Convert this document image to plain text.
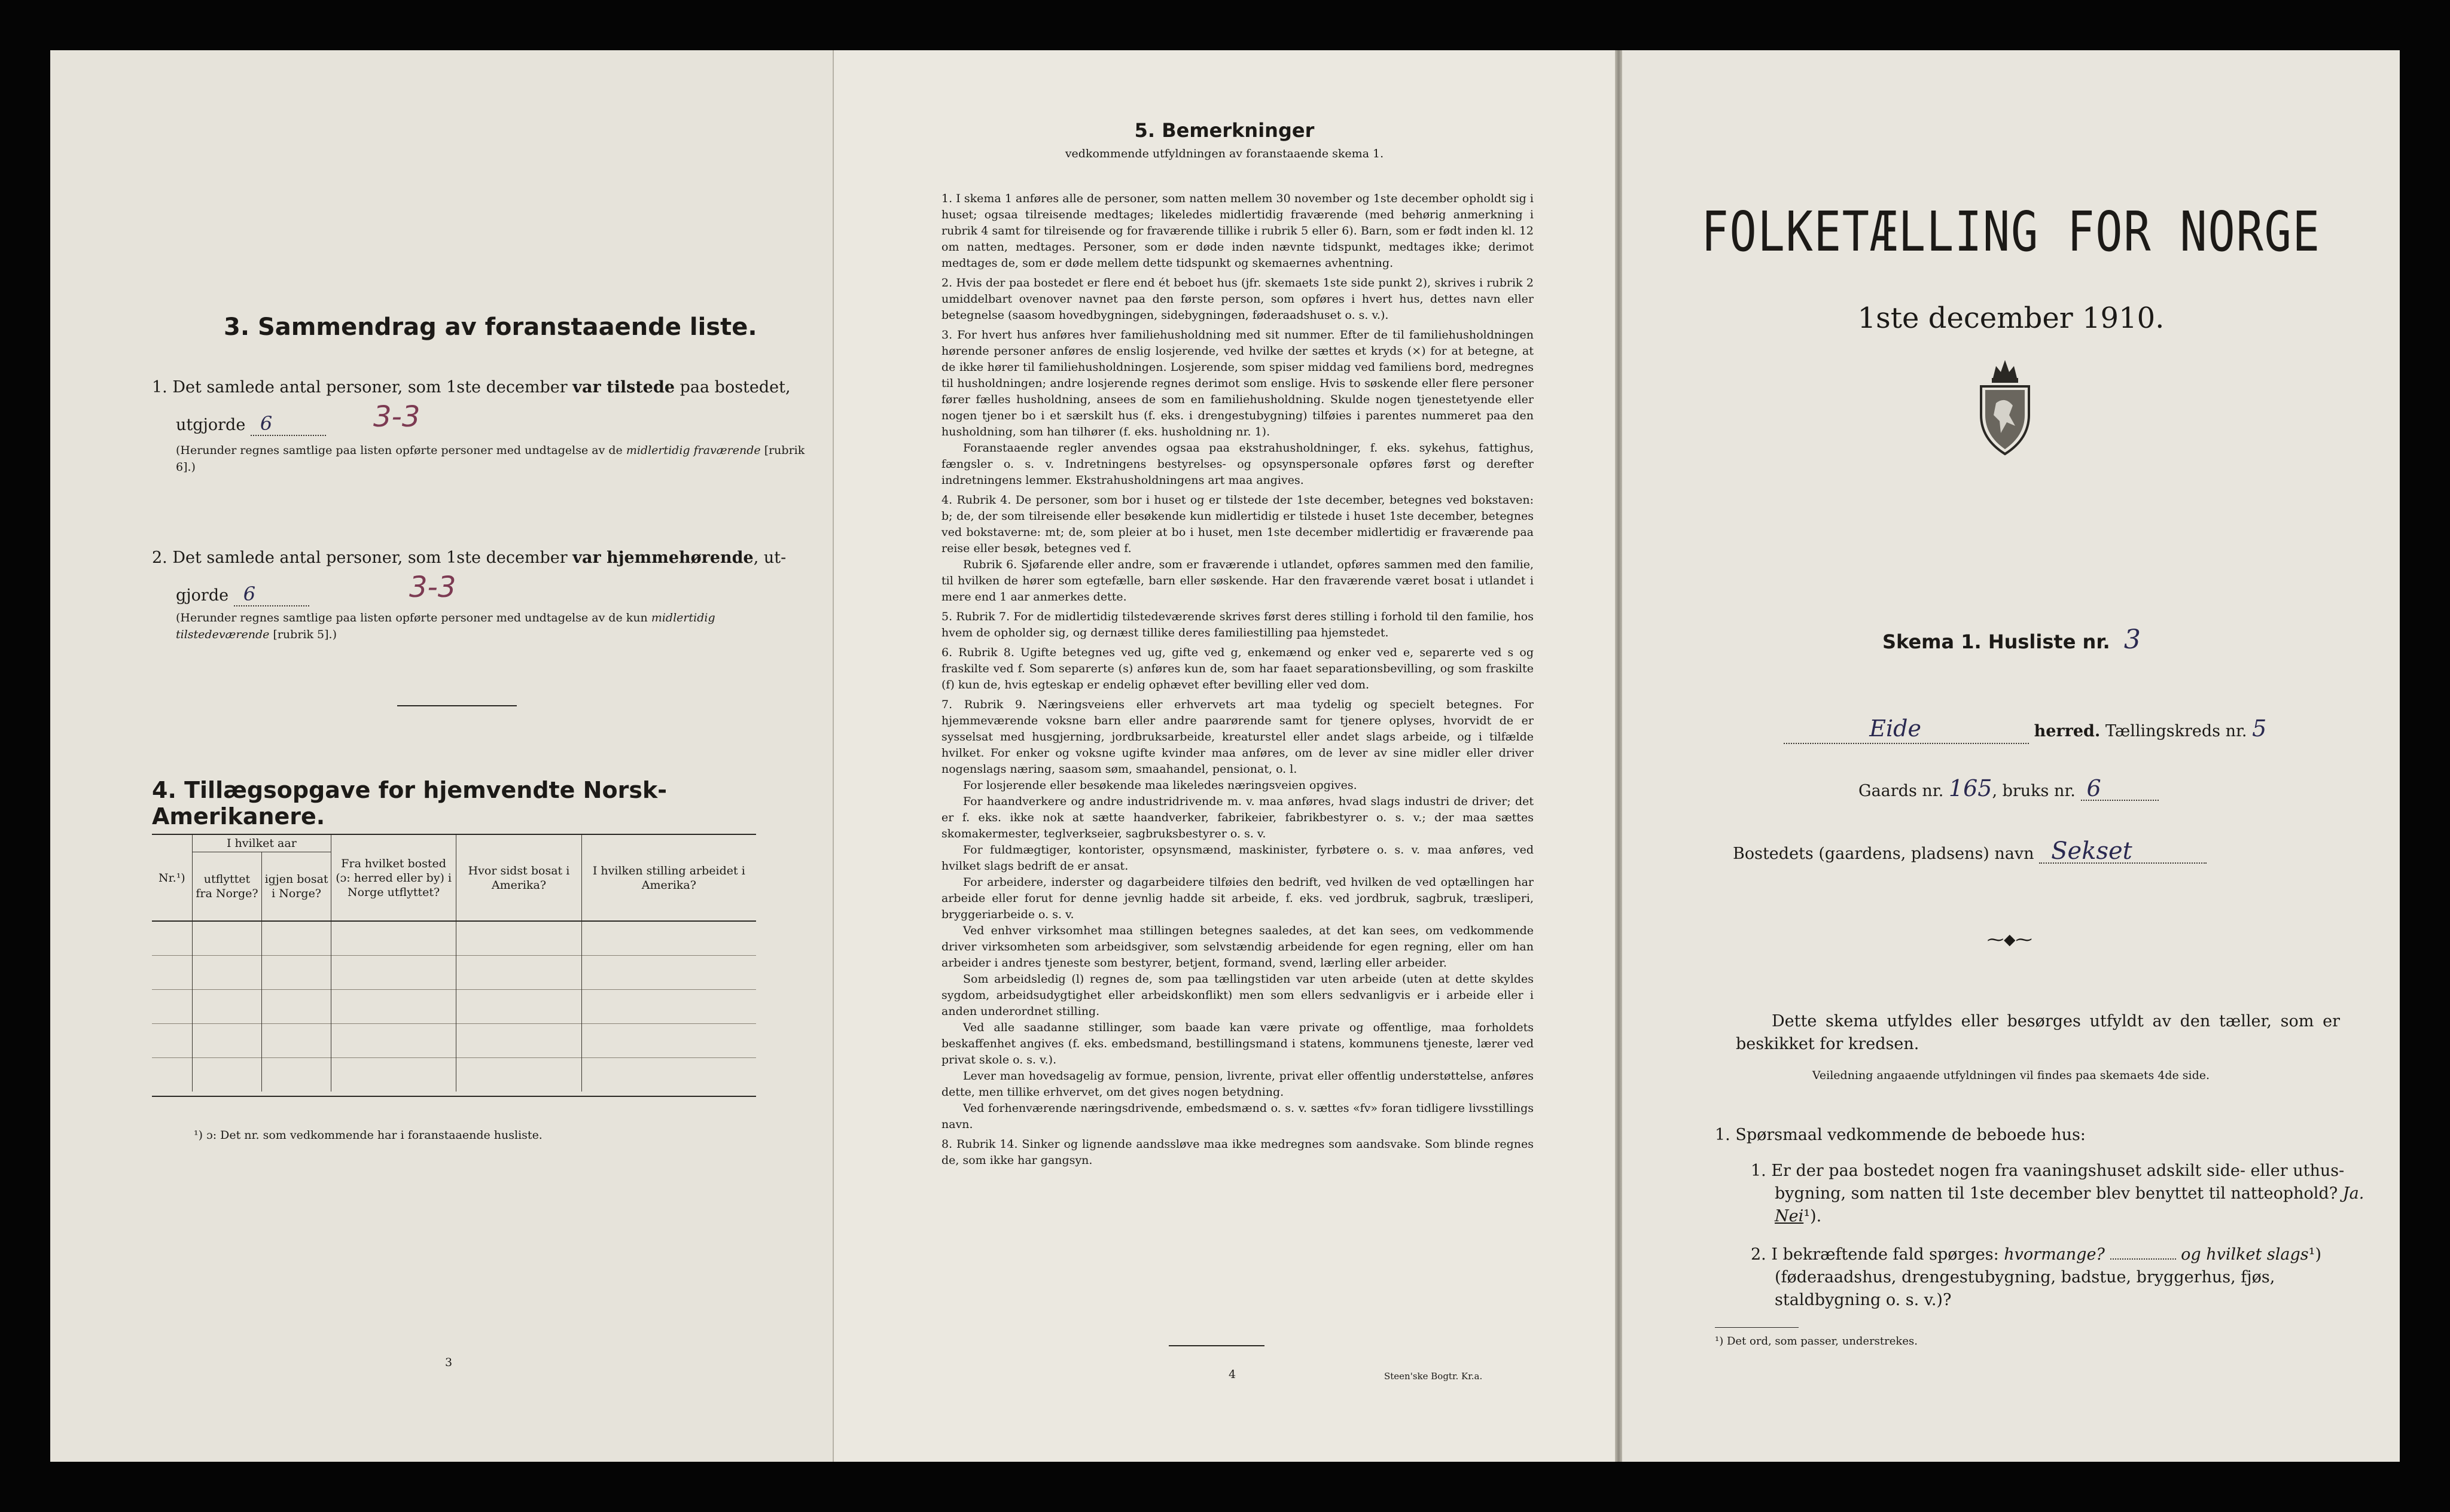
3. Sammendrag av foranstaaende liste.
1. Det samlede antal personer, som 1ste december var tilstede paa bostedet,
utgjorde 6	3-3
(Herunder regnes samtlige paa listen opførte personer med undtagelse av de midlertidig fraværende [rubrik 6].)
2. Det samlede antal personer, som 1ste december var hjemmehørende, ut-
gjorde 6	3-3
(Herunder regnes samtlige paa listen opførte personer med undtagelse av de kun midlertidig tilstedeværende [rubrik 5].)
4. Tillægsopgave for hjemvendte Norsk-Amerikanere.
Nr.¹)	I hvilket aar		Fra hvilket bosted (ɔ: herred eller by) i Norge utflyttet?	Hvor sidst bosat i Amerika?	I hvilken stilling arbeidet i Amerika?
	utflyttet fra Norge?	igjen bosat i Norge?			

¹) ɔ: Det nr. som vedkommende har i foranstaaende husliste.
3
5. Bemerkninger
vedkommende utfyldningen av foranstaaende skema 1.

1. I skema 1 anføres alle de personer, som natten mellem 30 november og 1ste december opholdt sig i huset; ogsaa tilreisende medtages; likeledes midlertidig fraværende (med behørig anmerkning i rubrik 4 samt for tilreisende og for fraværende tillike i rubrik 5 eller 6). Barn, som er født inden kl. 12 om natten, medtages. Personer, som er døde inden nævnte tidspunkt, medtages ikke; derimot medtages de, som er døde mellem dette tidspunkt og skemaernes avhentning.

2. Hvis der paa bostedet er flere end ét beboet hus (jfr. skemaets 1ste side punkt 2), skrives i rubrik 2 umiddelbart ovenover navnet paa den første person, som opføres i hvert hus, dettes navn eller betegnelse (saasom hovedbygningen, sidebygningen, føderaadshuset o. s. v.).

3. For hvert hus anføres hver familiehusholdning med sit nummer. Efter de til familiehusholdningen hørende personer anføres de enslig losjerende, ved hvilke der sættes et kryds (×) for at betegne, at de ikke hører til familiehusholdningen. Losjerende, som spiser middag ved familiens bord, medregnes til husholdningen; andre losjerende regnes derimot som enslige. Hvis to søskende eller flere personer fører fælles husholdning, ansees de som en familiehusholdning. Skulde nogen tjenestetyende eller nogen tjener bo i et særskilt hus (f. eks. i drengestubygning) tilføies i parentes nummeret paa den husholdning, som han tilhører (f. eks. husholdning nr. 1).

Foranstaaende regler anvendes ogsaa paa ekstrahusholdninger, f. eks. sykehus, fattighus, fængsler o. s. v. Indretningens bestyrelses- og opsynspersonale opføres først og derefter indretningens lemmer. Ekstrahusholdningens art maa angives.

4. Rubrik 4. De personer, som bor i huset og er tilstede der 1ste december, betegnes ved bokstaven: b; de, der som tilreisende eller besøkende kun midlertidig er tilstede i huset 1ste december, betegnes ved bokstaverne: mt; de, som pleier at bo i huset, men 1ste december midlertidig er fraværende paa reise eller besøk, betegnes ved f.

Rubrik 6. Sjøfarende eller andre, som er fraværende i utlandet, opføres sammen med den familie, til hvilken de hører som egtefælle, barn eller søskende. Har den fraværende været bosat i utlandet i mere end 1 aar anmerkes dette.

5. Rubrik 7. For de midlertidig tilstedeværende skrives først deres stilling i forhold til den familie, hos hvem de opholder sig, og dernæst tillike deres familiestilling paa hjemstedet.

6. Rubrik 8. Ugifte betegnes ved ug, gifte ved g, enkemænd og enker ved e, separerte ved s og fraskilte ved f. Som separerte (s) anføres kun de, som har faaet separationsbevilling, og som fraskilte (f) kun de, hvis egteskap er endelig ophævet efter bevilling eller ved dom.

7. Rubrik 9. Næringsveiens eller erhvervets art maa tydelig og specielt betegnes. For hjemmeværende voksne barn eller andre paarørende samt for tjenere oplyses, hvorvidt de er sysselsat med husgjerning, jordbruksarbeide, kreaturstel eller andet slags arbeide, og i tilfælde hvilket. For enker og voksne ugifte kvinder maa anføres, om de lever av sine midler eller driver nogenslags næring, saasom søm, smaahandel, pensionat, o. l.

For losjerende eller besøkende maa likeledes næringsveien opgives.

For haandverkere og andre industridrivende m. v. maa anføres, hvad slags industri de driver; det er f. eks. ikke nok at sætte haandverker, fabrikeier, fabrikbestyrer o. s. v.; der maa sættes skomakermester, teglverkseier, sagbruksbestyrer o. s. v.

For fuldmægtiger, kontorister, opsynsmænd, maskinister, fyrbøtere o. s. v. maa anføres, ved hvilket slags bedrift de er ansat.

For arbeidere, inderster og dagarbeidere tilføies den bedrift, ved hvilken de ved optællingen har arbeide eller forut for denne jevnlig hadde sit arbeide, f. eks. ved jordbruk, sagbruk, træsliperi, bryggeriarbeide o. s. v.

Ved enhver virksomhet maa stillingen betegnes saaledes, at det kan sees, om vedkommende driver virksomheten som arbeidsgiver, som selvstændig arbeidende for egen regning, eller om han arbeider i andres tjeneste som bestyrer, betjent, formand, svend, lærling eller arbeider.

Som arbeidsledig (l) regnes de, som paa tællingstiden var uten arbeide (uten at dette skyldes sygdom, arbeidsudygtighet eller arbeidskonflikt) men som ellers sedvanligvis er i arbeide eller i anden underordnet stilling.

Ved alle saadanne stillinger, som baade kan være private og offentlige, maa forholdets beskaffenhet angives (f. eks. embedsmand, bestillingsmand i statens, kommunens tjeneste, lærer ved privat skole o. s. v.).

Lever man hovedsagelig av formue, pension, livrente, privat eller offentlig understøttelse, anføres dette, men tillike erhvervet, om det gives nogen betydning.

Ved forhenværende næringsdrivende, embedsmænd o. s. v. sættes «fv» foran tidligere livsstillings navn.

8. Rubrik 14. Sinker og lignende aandssløve maa ikke medregnes som aandsvake. Som blinde regnes de, som ikke har gangsyn.

4	Steen'ske Bogtr. Kr.a.
FOLKETÆLLING FOR NORGE
1ste december 1910.
Skema 1. Husliste nr. 3
Eide	herred. Tællingskreds nr. 5
Gaards nr. 165, bruks nr. 6
Bostedets (gaardens, pladsens) navn Sekset
⁓⬥⁓
Dette skema utfyldes eller besørges utfyldt av den tæller, som er beskikket for kredsen.
Veiledning angaaende utfyldningen vil findes paa skemaets 4de side.
1. Spørsmaal vedkommende de beboede hus:
1. Er der paa bostedet nogen fra vaaningshuset adskilt side- eller uthus-bygning, som natten til 1ste december blev benyttet til natteophold? Ja. Nei¹).
2. I bekræftende fald spørges: hvormange?	og hvilket slags¹) (føderaadshus, drengestubygning, badstue, bryggerhus, fjøs, staldbygning o. s. v.)?
¹) Det ord, som passer, understrekes.
